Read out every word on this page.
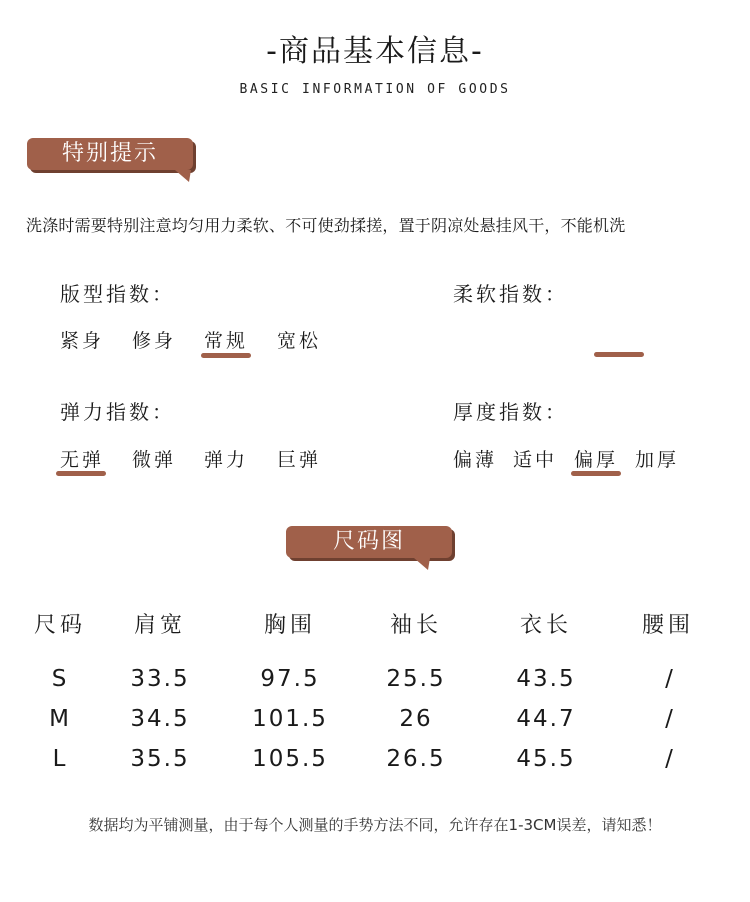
-商品基本信息-
BASIC INFORMATION OF GOODS
特别提示
洗涤时需要特别注意均匀用力柔软、不可使劲揉搓，置于阴凉处悬挂风干，不能机洗
版型指数：
紧身 修身 常规 宽松
柔软指数：
弹力指数：
无弹 微弹 弹力 巨弹
厚度指数：
偏薄 适中 偏厚 加厚
尺码图
尺码	肩宽	胸围	袖长	衣长	腰围
S	33.5	97.5	25.5	43.5	/
M	34.5	101.5	26	44.7	/
L	35.5	105.5	26.5	45.5	/
数据均为平铺测量，由于每个人测量的手势方法不同，允许存在1-3CM误差，请知悉！
